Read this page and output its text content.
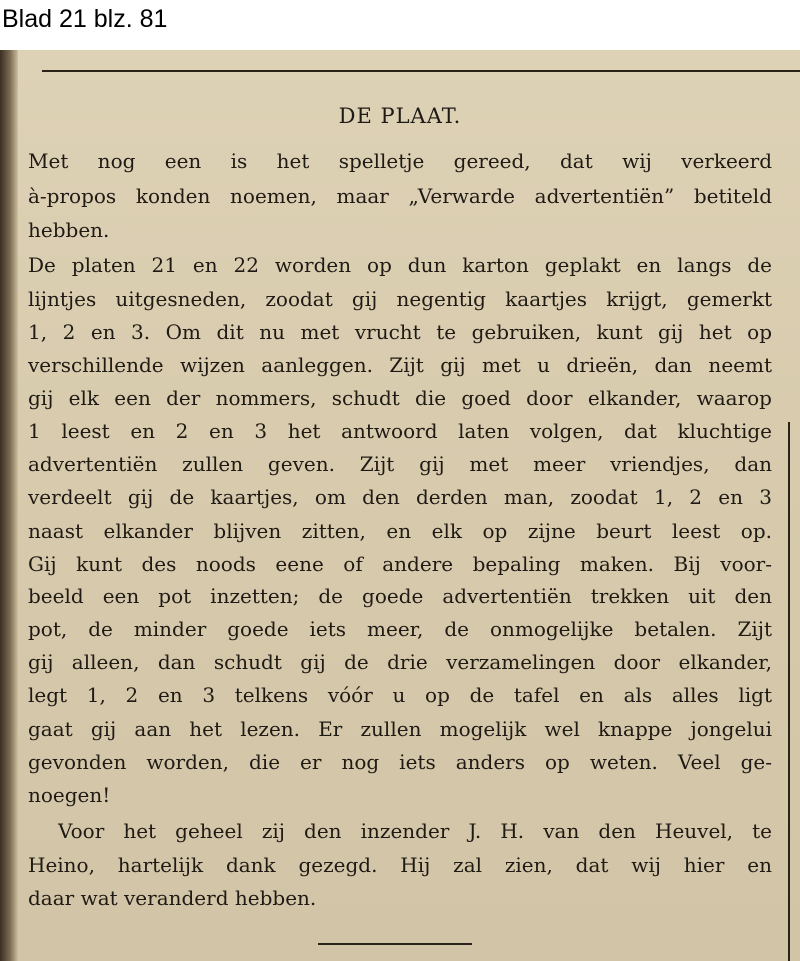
Blad 21 blz. 81
DE PLAAT.
Met nog een is het spelletje gereed, dat wij verkeerd
à-propos konden noemen, maar „Verwarde advertentiën” betiteld
hebben.
De platen 21 en 22 worden op dun karton geplakt en langs de
lijntjes uitgesneden, zoodat gij negentig kaartjes krijgt, gemerkt
1, 2 en 3. Om dit nu met vrucht te gebruiken, kunt gij het op
verschillende wijzen aanleggen. Zijt gij met u drieën, dan neemt
gij elk een der nommers, schudt die goed door elkander, waarop
1 leest en 2 en 3 het antwoord laten volgen, dat kluchtige
advertentiën zullen geven. Zijt gij met meer vriendjes, dan
verdeelt gij de kaartjes, om den derden man, zoodat 1, 2 en 3
naast elkander blijven zitten, en elk op zijne beurt leest op.
Gij kunt des noods eene of andere bepaling maken. Bij voor-
beeld een pot inzetten; de goede advertentiën trekken uit den
pot, de minder goede iets meer, de onmogelijke betalen. Zijt
gij alleen, dan schudt gij de drie verzamelingen door elkander,
legt 1, 2 en 3 telkens vóór u op de tafel en als alles ligt
gaat gij aan het lezen. Er zullen mogelijk wel knappe jongelui
gevonden worden, die er nog iets anders op weten. Veel ge-
noegen!
Voor het geheel zij den inzender J. H. van den Heuvel, te
Heino, hartelijk dank gezegd. Hij zal zien, dat wij hier en
daar wat veranderd hebben.
